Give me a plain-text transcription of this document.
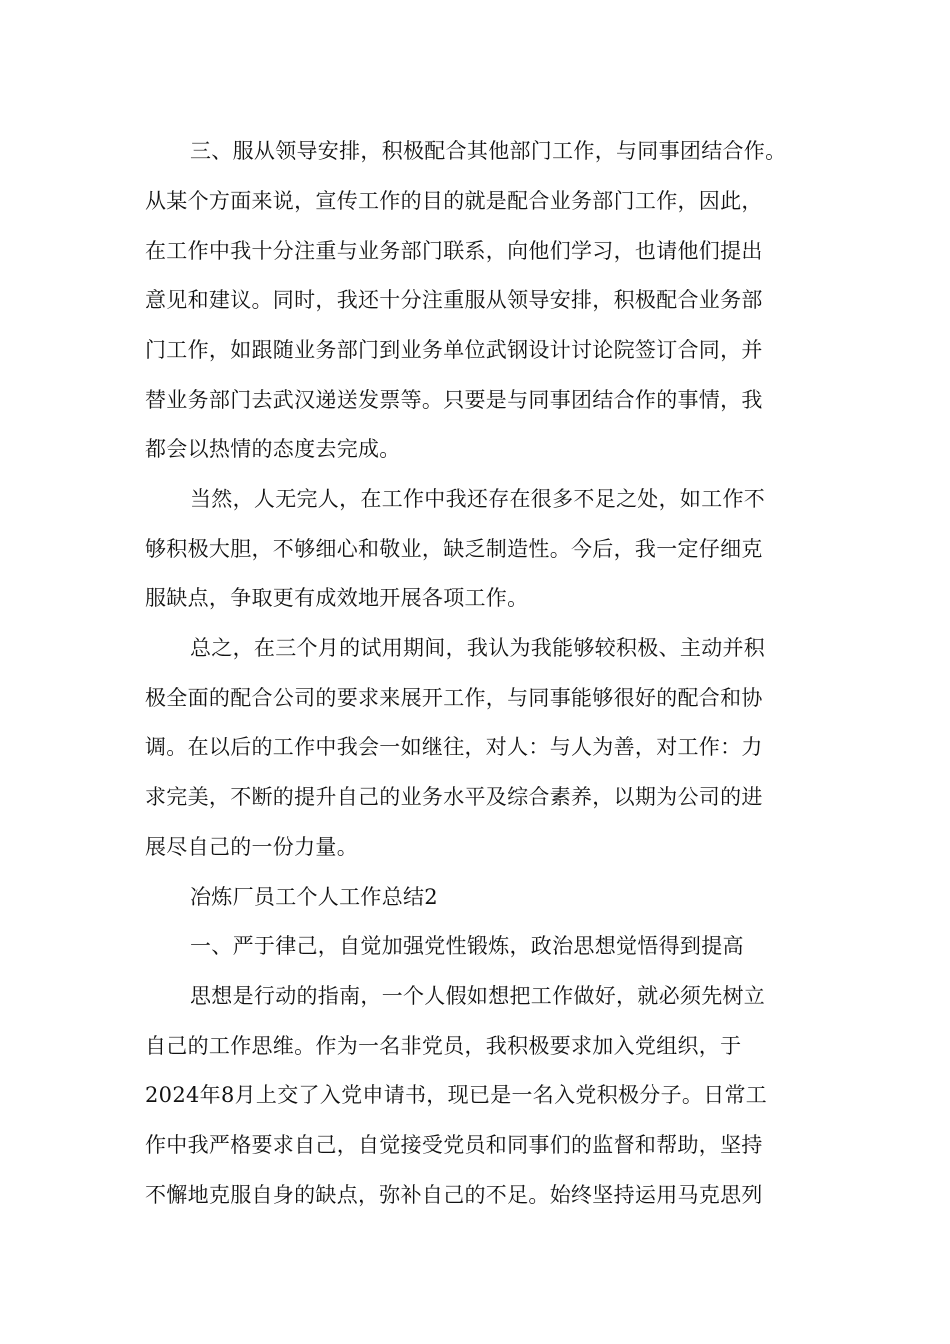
三、服从领导安排，积极配合其他部门工作，与同事团结合作。
从某个方面来说，宣传工作的目的就是配合业务部门工作，因此，
在工作中我十分注重与业务部门联系，向他们学习，也请他们提出
意见和建议。同时，我还十分注重服从领导安排，积极配合业务部
门工作，如跟随业务部门到业务单位武钢设计讨论院签订合同，并
替业务部门去武汉递送发票等。只要是与同事团结合作的事情，我
都会以热情的态度去完成。
当然，人无完人，在工作中我还存在很多不足之处，如工作不
够积极大胆，不够细心和敬业，缺乏制造性。今后，我一定仔细克
服缺点，争取更有成效地开展各项工作。
总之，在三个月的试用期间，我认为我能够较积极、主动并积
极全面的配合公司的要求来展开工作，与同事能够很好的配合和协
调。在以后的工作中我会一如继往，对人：与人为善，对工作：力
求完美，不断的提升自己的业务水平及综合素养，以期为公司的进
展尽自己的一份力量。
冶炼厂员工个人工作总结2
一、严于律己，自觉加强党性锻炼，政治思想觉悟得到提高
思想是行动的指南，一个人假如想把工作做好，就必须先树立
自己的工作思维。作为一名非党员，我积极要求加入党组织，于
2024年8月上交了入党申请书，现已是一名入党积极分子。日常工
作中我严格要求自己，自觉接受党员和同事们的监督和帮助，坚持
不懈地克服自身的缺点，弥补自己的不足。始终坚持运用马克思列
